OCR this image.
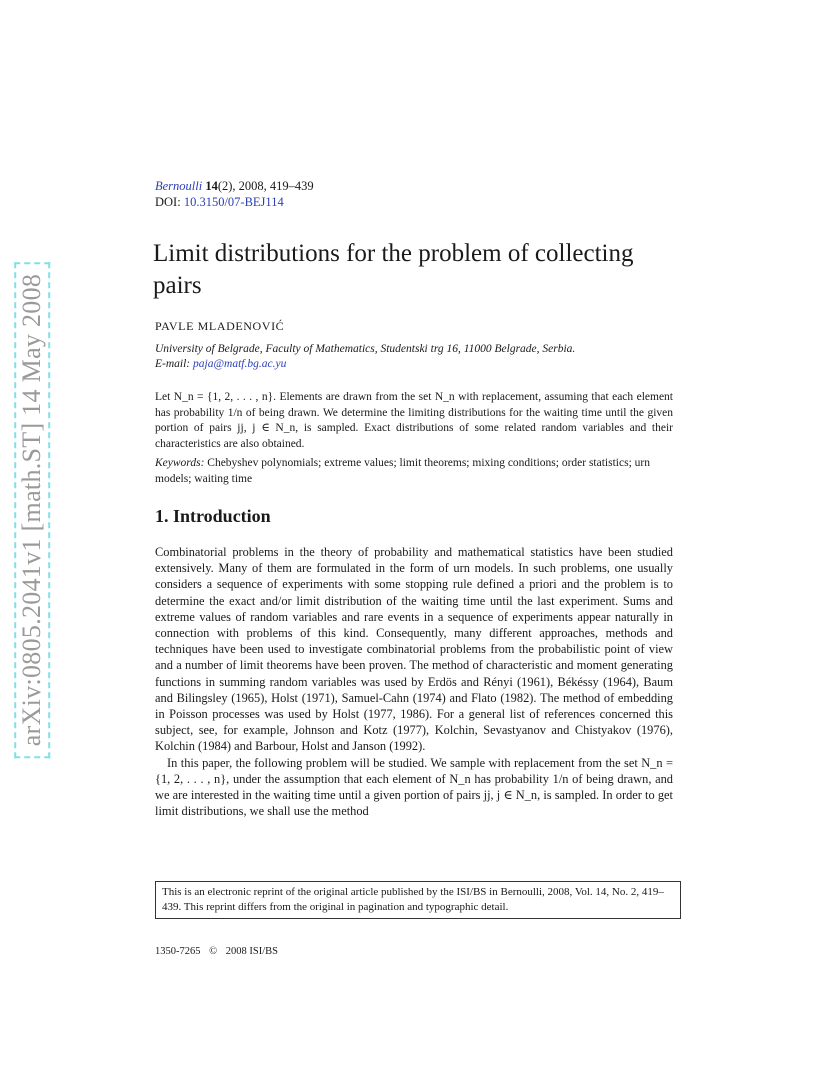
arXiv:0805.2041v1 [math.ST] 14 May 2008
Bernoulli 14(2), 2008, 419–439
DOI: 10.3150/07-BEJ114
Limit distributions for the problem of collecting pairs
PAVLE MLADENOVIĆ
University of Belgrade, Faculty of Mathematics, Studentski trg 16, 11000 Belgrade, Serbia.
E-mail: paja@matf.bg.ac.yu
Let N_n = {1, 2, . . . , n}. Elements are drawn from the set N_n with replacement, assuming that each element has probability 1/n of being drawn. We determine the limiting distributions for the waiting time until the given portion of pairs jj, j ∈ N_n, is sampled. Exact distributions of some related random variables and their characteristics are also obtained.
Keywords: Chebyshev polynomials; extreme values; limit theorems; mixing conditions; order statistics; urn models; waiting time
1. Introduction

Combinatorial problems in the theory of probability and mathematical statistics have been studied extensively. Many of them are formulated in the form of urn models. In such problems, one usually considers a sequence of experiments with some stopping rule defined a priori and the problem is to determine the exact and/or limit distribution of the waiting time until the last experiment. Sums and extreme values of random variables and rare events in a sequence of experiments appear naturally in connection with problems of this kind. Consequently, many different approaches, methods and techniques have been used to investigate combinatorial problems from the probabilistic point of view and a number of limit theorems have been proven. The method of characteristic and moment generating functions in summing random variables was used by Erdös and Rényi (1961), Békéssy (1964), Baum and Bilingsley (1965), Holst (1971), Samuel-Cahn (1974) and Flato (1982). The method of embedding in Poisson processes was used by Holst (1977, 1986). For a general list of references concerned this subject, see, for example, Johnson and Kotz (1977), Kolchin, Sevastyanov and Chistyakov (1976), Kolchin (1984) and Barbour, Holst and Janson (1992).

In this paper, the following problem will be studied. We sample with replacement from the set N_n = {1, 2, . . . , n}, under the assumption that each element of N_n has probability 1/n of being drawn, and we are interested in the waiting time until a given portion of pairs jj, j ∈ N_n, is sampled. In order to get limit distributions, we shall use the method

This is an electronic reprint of the original article published by the ISI/BS in Bernoulli, 2008, Vol. 14, No. 2, 419–439. This reprint differs from the original in pagination and typographic detail.
1350-7265 © 2008 ISI/BS
